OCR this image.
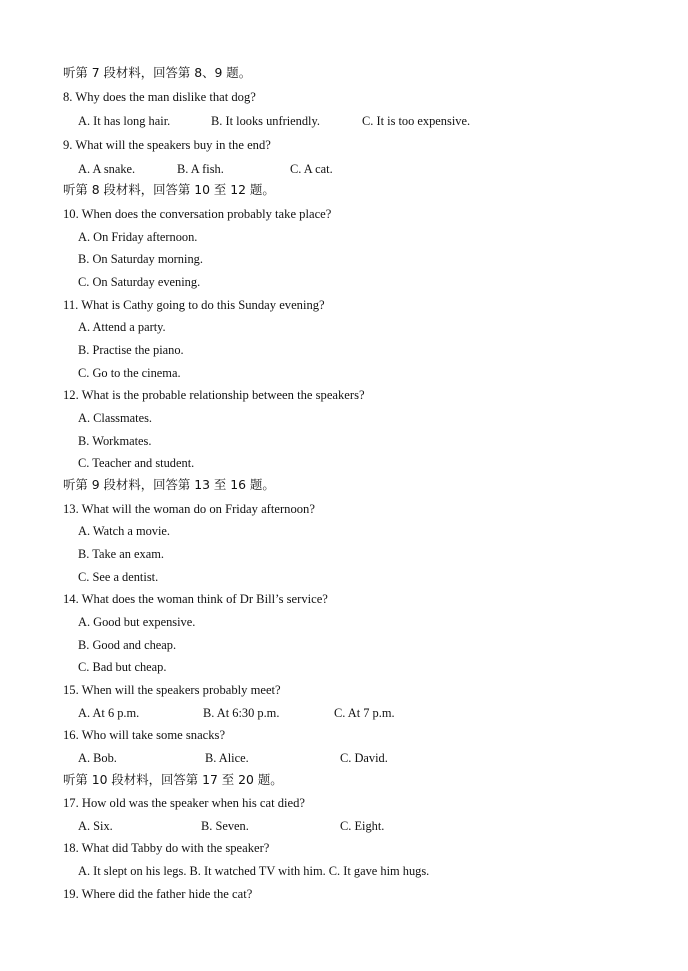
听第 7 段材料，回答第 8、9 题。
8. Why does the man dislike that dog?
A. It has long hair.	B. It looks unfriendly.	C. It is too expensive.
9. What will the speakers buy in the end?
A. A snake.	B. A fish.	C. A cat.
听第 8 段材料，回答第 10 至 12 题。
10. When does the conversation probably take place?
A. On Friday afternoon.
B. On Saturday morning.
C. On Saturday evening.
11. What is Cathy going to do this Sunday evening?
A. Attend a party.
B. Practise the piano.
C. Go to the cinema.
12. What is the probable relationship between the speakers?
A. Classmates.
B. Workmates.
C. Teacher and student.
听第 9 段材料，回答第 13 至 16 题。
13. What will the woman do on Friday afternoon?
A. Watch a movie.
B. Take an exam.
C. See a dentist.
14. What does the woman think of Dr Bill’s service?
A. Good but expensive.
B. Good and cheap.
C. Bad but cheap.
15. When will the speakers probably meet?
A. At 6 p.m.	B. At 6:30 p.m.	C. At 7 p.m.
16. Who will take some snacks?
A. Bob.	B. Alice.	C. David.
听第 10 段材料，回答第 17 至 20 题。
17. How old was the speaker when his cat died?
A. Six.	B. Seven.	C. Eight.
18. What did Tabby do with the speaker?
A. It slept on his legs. B. It watched TV with him. C. It gave him hugs.
19. Where did the father hide the cat?
